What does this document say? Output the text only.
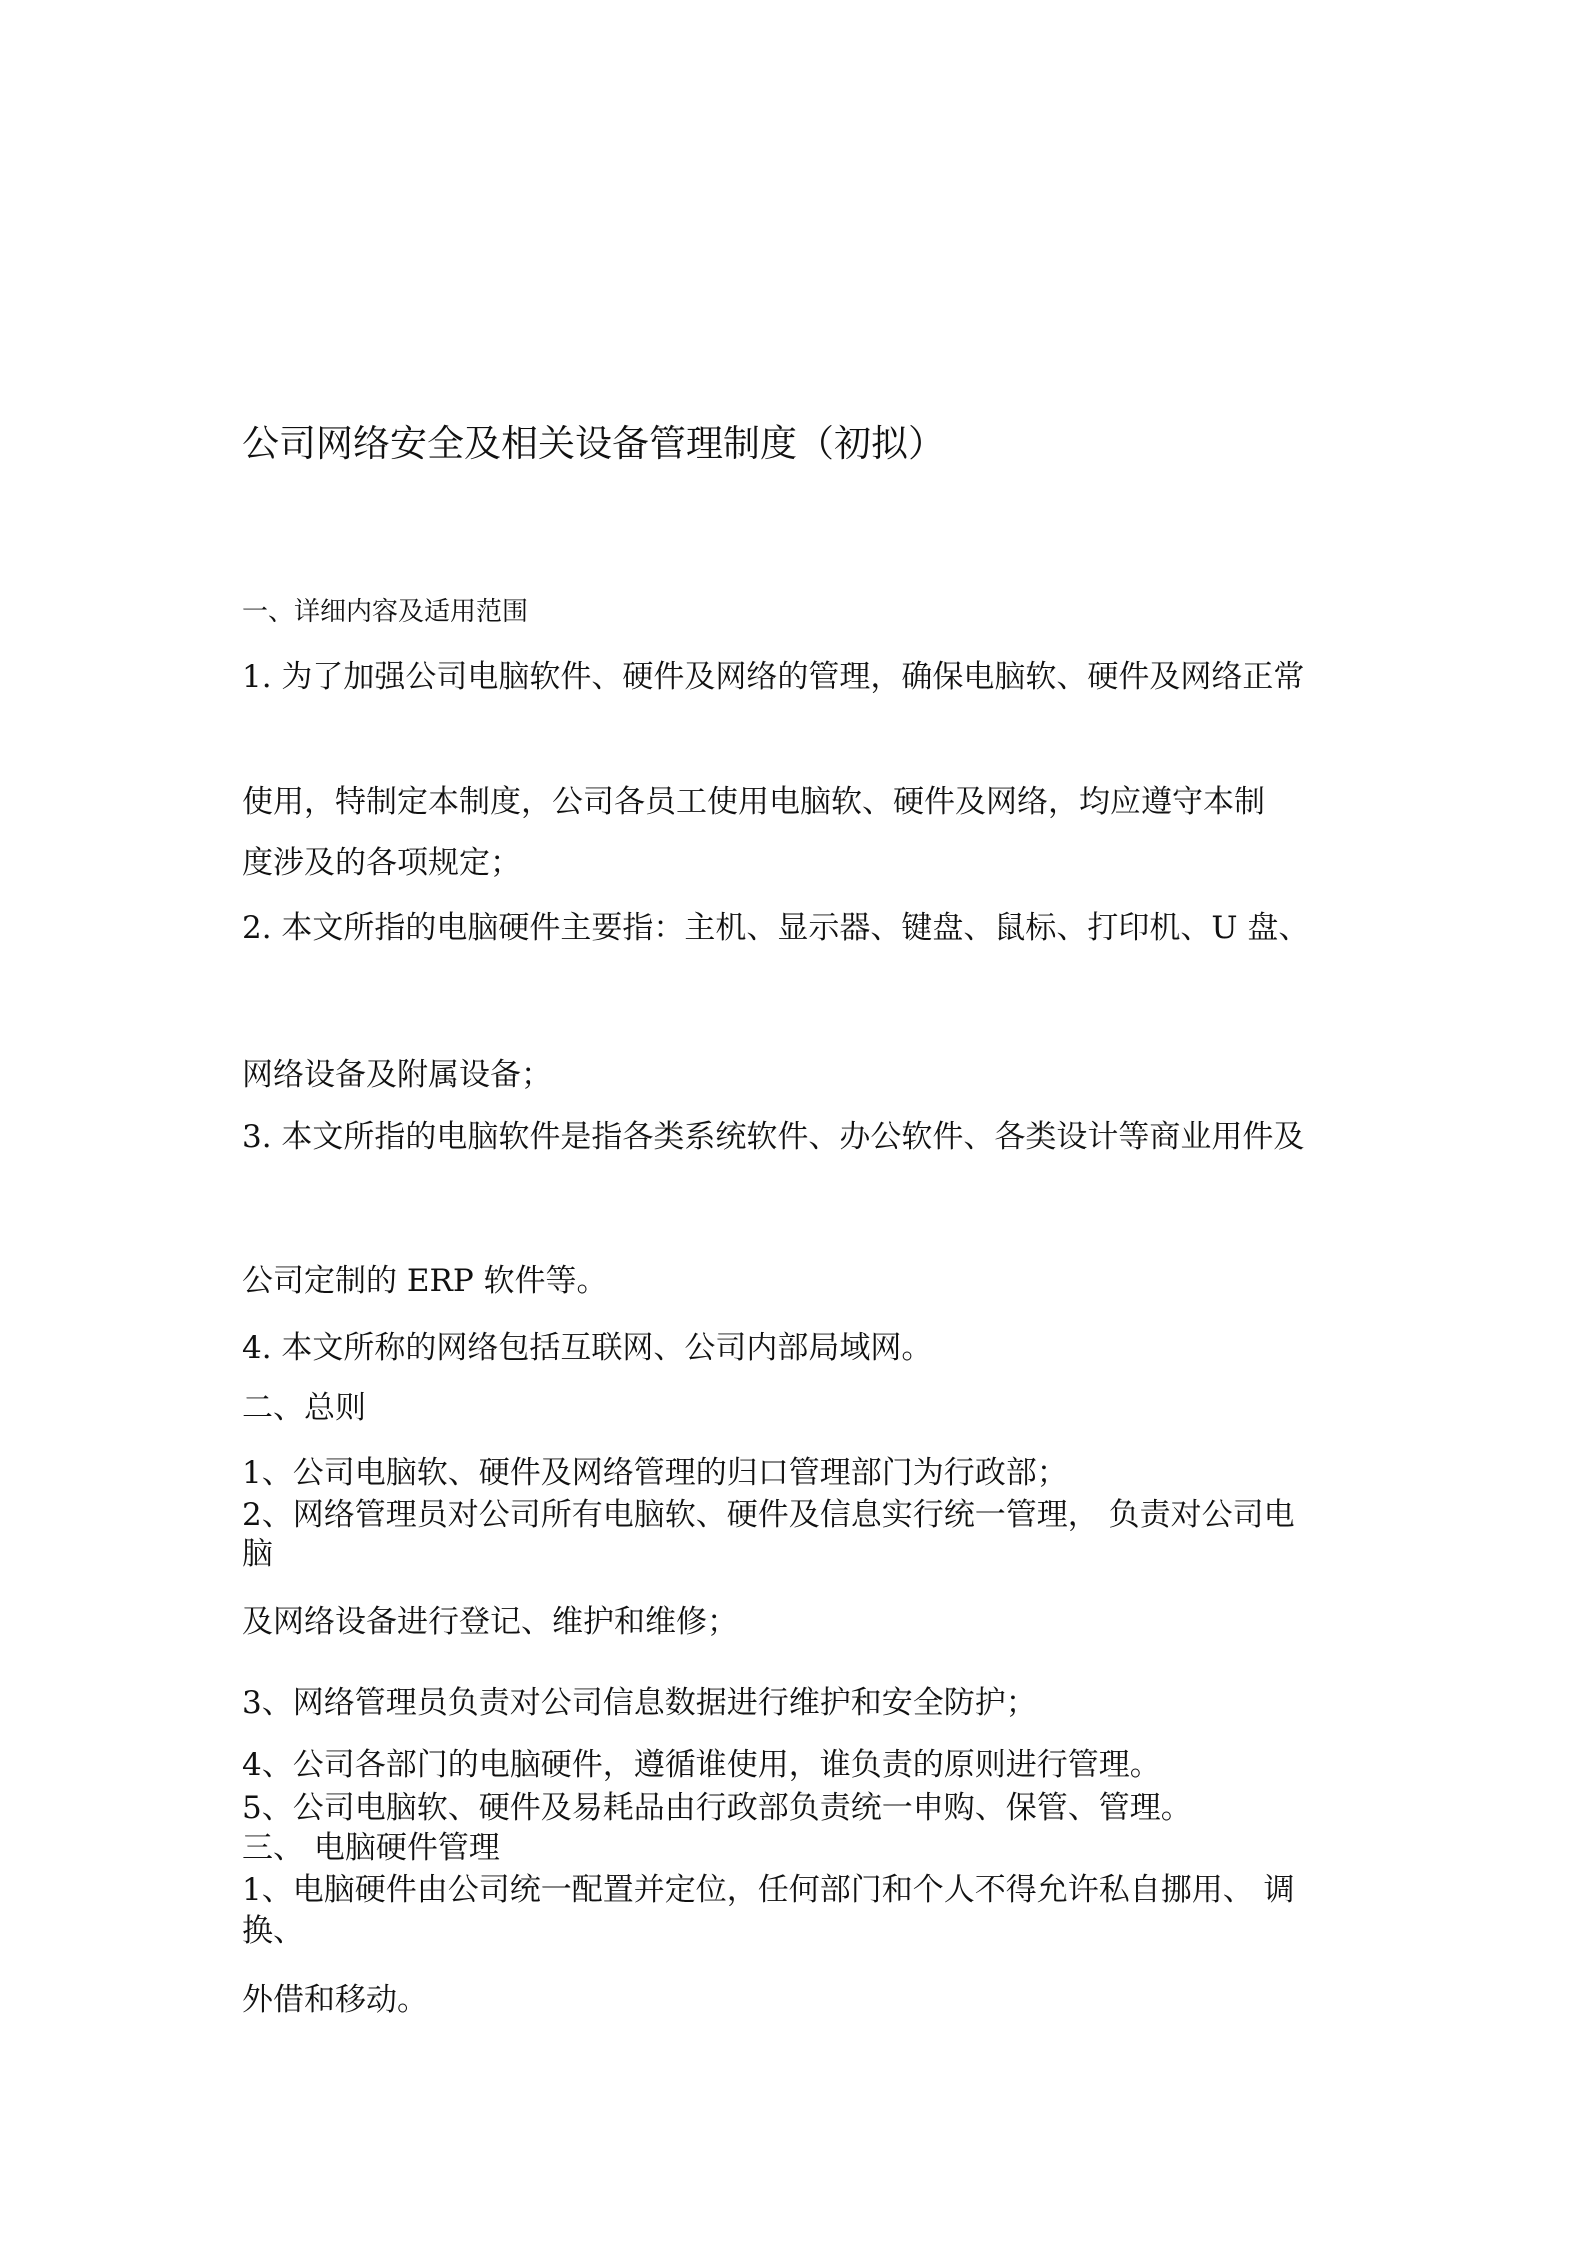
公司网络安全及相关设备管理制度（初拟）
一、详细内容及适用范围
1. 为了加强公司电脑软件、硬件及网络的管理，确保电脑软、硬件及网络正常
使用，特制定本制度，公司各员工使用电脑软、硬件及网络，均应遵守本制
度涉及的各项规定；
2. 本文所指的电脑硬件主要指：主机、显示器、键盘、鼠标、打印机、U 盘、
网络设备及附属设备；
3. 本文所指的电脑软件是指各类系统软件、办公软件、各类设计等商业用件及
公司定制的 ERP 软件等。
4. 本文所称的网络包括互联网、公司内部局域网。
二、总则
1、公司电脑软、硬件及网络管理的归口管理部门为行政部；
2、网络管理员对公司所有电脑软、硬件及信息实行统一管理， 负责对公司电
脑
及网络设备进行登记、维护和维修；
3、网络管理员负责对公司信息数据进行维护和安全防护；
4、公司各部门的电脑硬件，遵循谁使用，谁负责的原则进行管理。
5、公司电脑软、硬件及易耗品由行政部负责统一申购、保管、管理。
三、 电脑硬件管理
1、电脑硬件由公司统一配置并定位，任何部门和个人不得允许私自挪用、 调
换、
外借和移动。
